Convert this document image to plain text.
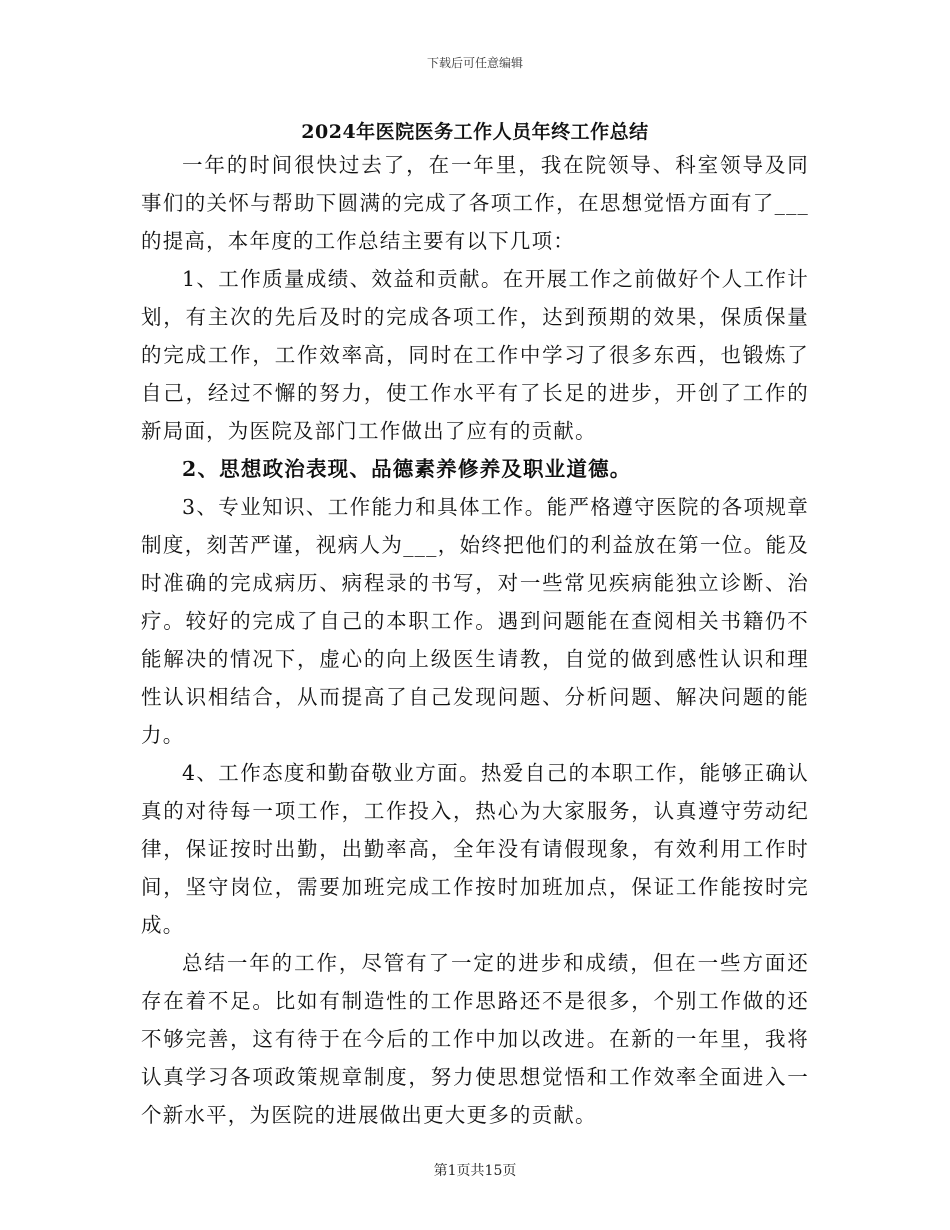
下载后可任意编辑
2024年医院医务工作人员年终工作总结

一年的时间很快过去了，在一年里，我在院领导、科室领导及同事们的关怀与帮助下圆满的完成了各项工作，在思想觉悟方面有了___的提高，本年度的工作总结主要有以下几项：

1、工作质量成绩、效益和贡献。在开展工作之前做好个人工作计划，有主次的先后及时的完成各项工作，达到预期的效果，保质保量的完成工作，工作效率高，同时在工作中学习了很多东西，也锻炼了自己，经过不懈的努力，使工作水平有了长足的进步，开创了工作的新局面，为医院及部门工作做出了应有的贡献。

2、思想政治表现、品德素养修养及职业道德。

3、专业知识、工作能力和具体工作。能严格遵守医院的各项规章制度，刻苦严谨，视病人为___，始终把他们的利益放在第一位。能及时准确的完成病历、病程录的书写，对一些常见疾病能独立诊断、治疗。较好的完成了自己的本职工作。遇到问题能在查阅相关书籍仍不能解决的情况下，虚心的向上级医生请教，自觉的做到感性认识和理性认识相结合，从而提高了自己发现问题、分析问题、解决问题的能力。

4、工作态度和勤奋敬业方面。热爱自己的本职工作，能够正确认真的对待每一项工作，工作投入，热心为大家服务，认真遵守劳动纪律，保证按时出勤，出勤率高，全年没有请假现象，有效利用工作时间，坚守岗位，需要加班完成工作按时加班加点，保证工作能按时完成。

总结一年的工作，尽管有了一定的进步和成绩，但在一些方面还存在着不足。比如有制造性的工作思路还不是很多，个别工作做的还不够完善，这有待于在今后的工作中加以改进。在新的一年里，我将认真学习各项政策规章制度，努力使思想觉悟和工作效率全面进入一个新水平，为医院的进展做出更大更多的贡献。

第1页共15页
